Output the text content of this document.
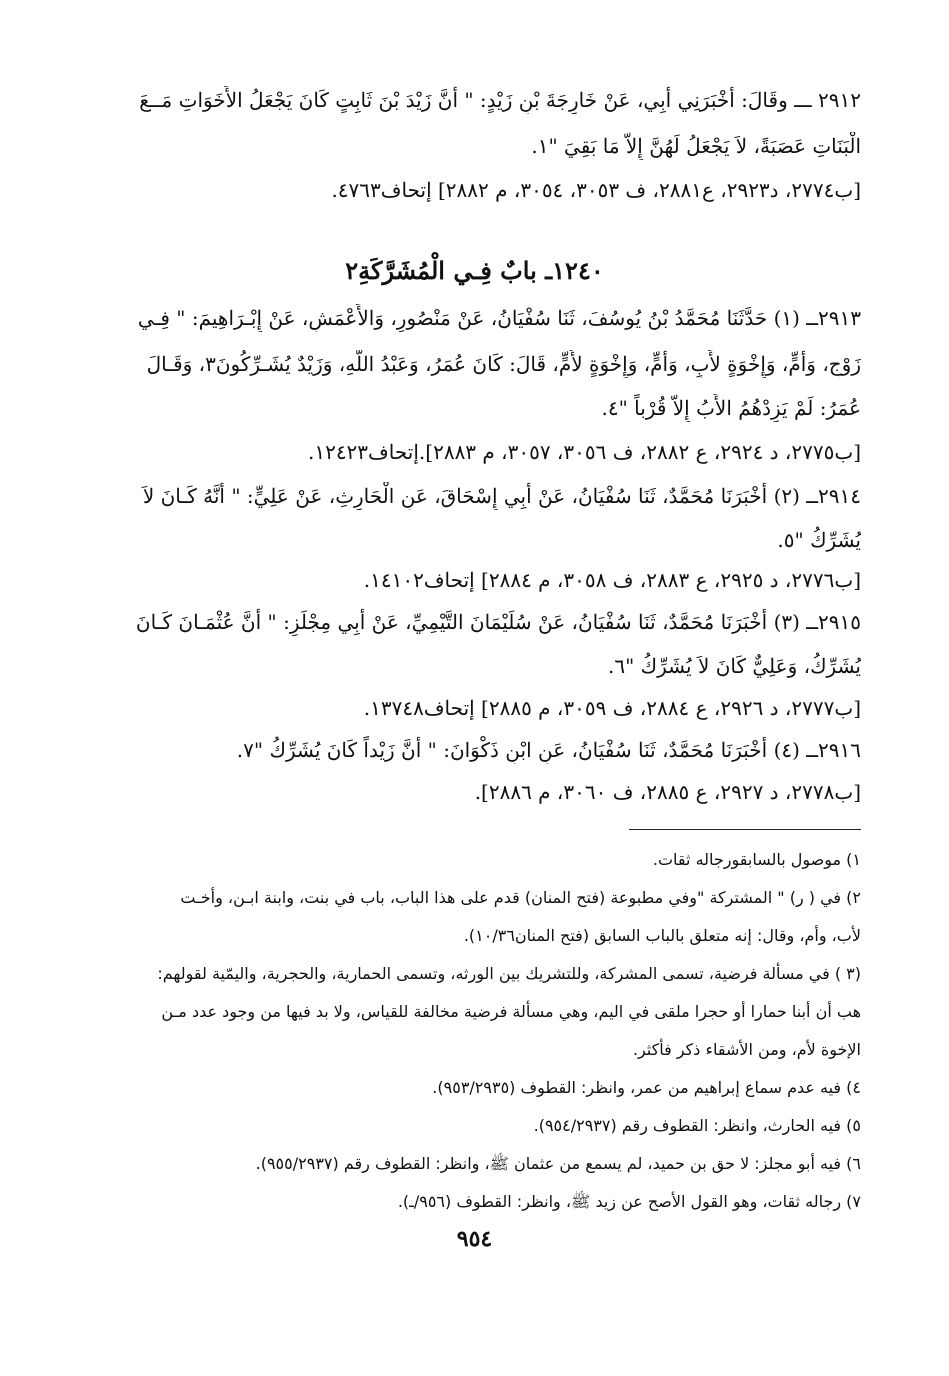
٢٩١٢ ـــ وقَالَ: أَخْبَرَنِي أَبِي، عَنْ خَارِجَةَ بْنِ زَيْدٍ: " أَنَّ زَيْدَ بْنَ ثَابِتٍ كَانَ يَجْعَلُ الأَخَوَاتِ مَــعَ
الْبَنَاتِ عَصَبَةً، لاَ يَجْعَلُ لَهُنَّ إِلاَّ مَا بَقِيَ "١.
[ب٢٧٧٤، د٢٩٢٣، ع٢٨٨١، ف ٣٠٥٣، ٣٠٥٤، م ٢٨٨٢] إتحاف٤٧٦٣.
١٢٤٠ـ بابٌ فِـي الْمُشَرَّكَةِ٢
٢٩١٣ــ (١) حَدَّثَنَا مُحَمَّدُ بْنُ يُوسُفَ، ثَنَا سُفْيَانُ، عَنْ مَنْصُورٍ، وَالأَعْمَشِ، عَنْ إِبْـرَاهِيمَ: " فِـي
زَوْجٍ، وَأُمٍّ، وَإِخْوَةٍ لأَبٍ، وَأُمٍّ، وَإِخْوَةٍ لأُمٍّ، قَالَ: كَانَ عُمَرُ، وَعَبْدُ اللَّهِ، وَزَيْدٌ يُشَـرِّكُونَ٣، وَقَـالَ
عُمَرُ: لَمْ يَزِدْهُمُ الأَبُ إِلاَّ قُرْباً "٤.
[ب٢٧٧٥، د ٢٩٢٤، ع ٢٨٨٢، ف ٣٠٥٦، ٣٠٥٧، م ٢٨٨٣].إتحاف١٢٤٢٣.
٢٩١٤ــ (٢) أَخْبَرَنَا مُحَمَّدٌ، ثَنَا سُفْيَانُ، عَنْ أَبِي إِسْحَاقَ، عَنِ الْحَارِثِ، عَنْ عَلِيٍّ: " أَنَّهُ كَـانَ لاَ
يُشَرِّكُ "٥.
[ب٢٧٧٦، د ٢٩٢٥، ع ٢٨٨٣، ف ٣٠٥٨، م ٢٨٨٤] إتحاف١٤١٠٢.
٢٩١٥ــ (٣) أَخْبَرَنَا مُحَمَّدٌ، ثَنَا سُفْيَانُ، عَنْ سُلَيْمَانَ التَّيْمِيِّ، عَنْ أَبِي مِجْلَزٍ: " أَنَّ عُثْمَـانَ كَـانَ
يُشَرِّكُ، وَعَلِيٌّ كَانَ لاَ يُشَرِّكُ "٦.
[ب٢٧٧٧، د ٢٩٢٦، ع ٢٨٨٤، ف ٣٠٥٩، م ٢٨٨٥] إتحاف١٣٧٤٨.
٢٩١٦ــ (٤) أَخْبَرَنَا مُحَمَّدٌ، ثَنَا سُفْيَانُ، عَنِ ابْنِ ذَكْوَانَ: " أَنَّ زَيْداً كَانَ يُشَرِّكُ "٧.
[ب٢٧٧٨، د ٢٩٢٧، ع ٢٨٨٥، ف ٣٠٦٠، م ٢٨٨٦].
١) موصول بالسابقورجاله ثقات.
٢) في ( ر) " المشتركة "وفي مطبوعة (فتح المنان) قدم على هذا الباب، باب في بنت، وابنة ابـن، وأخـت
لأب، وأم، وقال: إنه متعلق بالباب السابق (فتح المنان١٠/٣٦).
(٣ ) في مسألة فرضية، تسمى المشركة، وللتشريك بين الورثه، وتسمى الحمارية، والحجرية، واليمّية لقولهم:
هب أن أبنا حمارا أو حجرا ملقى في اليم، وهي مسألة فرضية مخالفة للقياس، ولا بد فيها من وجود عدد مـن
الإخوة لأم، ومن الأشقاء ذكر فأكثر.
٤) فيه عدم سماع إبراهيم من عمر، وانظر: القطوف (٩٥٣/٢٩٣٥).
٥) فيه الحارث، وانظر: القطوف رقم (٩٥٤/٢٩٣٧).
٦) فيه أبو مجلز: لا حق بن حميد، لم يسمع من عثمان ﷺ، وانظر: القطوف رقم (٩٥٥/٢٩٣٧).
٧) رجاله ثقات، وهو القول الأصح عن زيد ﷺ، وانظر: القطوف (٩٥٦/ـ).
٩٥٤
